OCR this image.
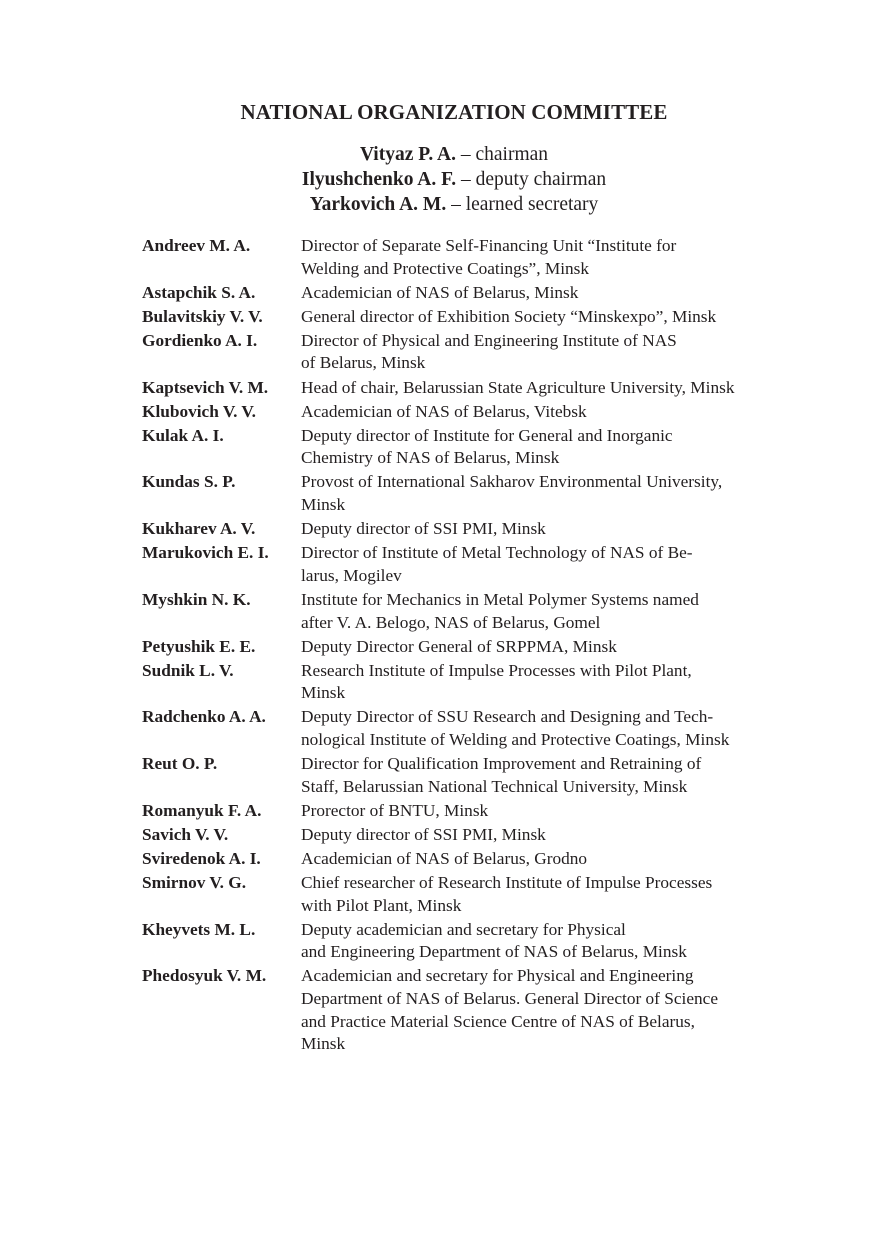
NATIONAL ORGANIZATION COMMITTEE
Vityaz P. A. – chairman
Ilyushchenko A. F. – deputy chairman
Yarkovich A. M. – learned secretary
Andreev M. A.	Director of Separate Self-Financing Unit “Institute for
Welding and Protective Coatings”, Minsk
Astapchik S. A.	Academician of NAS of Belarus, Minsk
Bulavitskiy V. V.	General director of Exhibition Society “Minskexpo”, Minsk
Gordienko A. I.	Director of Physical and Engineering Institute of NAS
of Belarus, Minsk
Kaptsevich V. M.	Head of chair, Belarussian State Agriculture University, Minsk
Klubovich V. V.	Academician of NAS of Belarus, Vitebsk
Kulak A. I.	Deputy director of Institute for General and Inorganic
Chemistry of NAS of Belarus, Minsk
Kundas S. P.	Provost of International Sakharov Environmental University,
Minsk
Kukharev A. V.	Deputy director of SSI PMI, Minsk
Marukovich E. I.	Director of Institute of Metal Technology of NAS of Be-
larus, Mogilev
Myshkin N. K.	Institute for Mechanics in Metal Polymer Systems named
after V. A. Belogo, NAS of Belarus, Gomel
Petyushik E. E.	Deputy Director General of SRPPMA, Minsk
Sudnik L. V.	Research Institute of Impulse Processes with Pilot Plant,
Minsk
Radchenko A. A.	Deputy Director of SSU Research and Designing and Tech-
nological Institute of Welding and Protective Coatings, Minsk
Reut O. P.	Director for Qualification Improvement and Retraining of
Staff, Belarussian National Technical University, Minsk
Romanyuk F. A.	Prorector of BNTU, Minsk
Savich V. V.	Deputy director of SSI PMI, Minsk
Sviredenok A. I.	Academician of NAS of Belarus, Grodno
Smirnov V. G.	Chief researcher of Research Institute of Impulse Processes
with Pilot Plant, Minsk
Kheyvets M. L.	Deputy academician and secretary for Physical
and Engineering Department of NAS of Belarus, Minsk
Phedosyuk V. M.	Academician and secretary for Physical and Engineering
Department of NAS of Belarus. General Director of Science
and Practice Material Science Centre of NAS of Belarus,
Minsk
